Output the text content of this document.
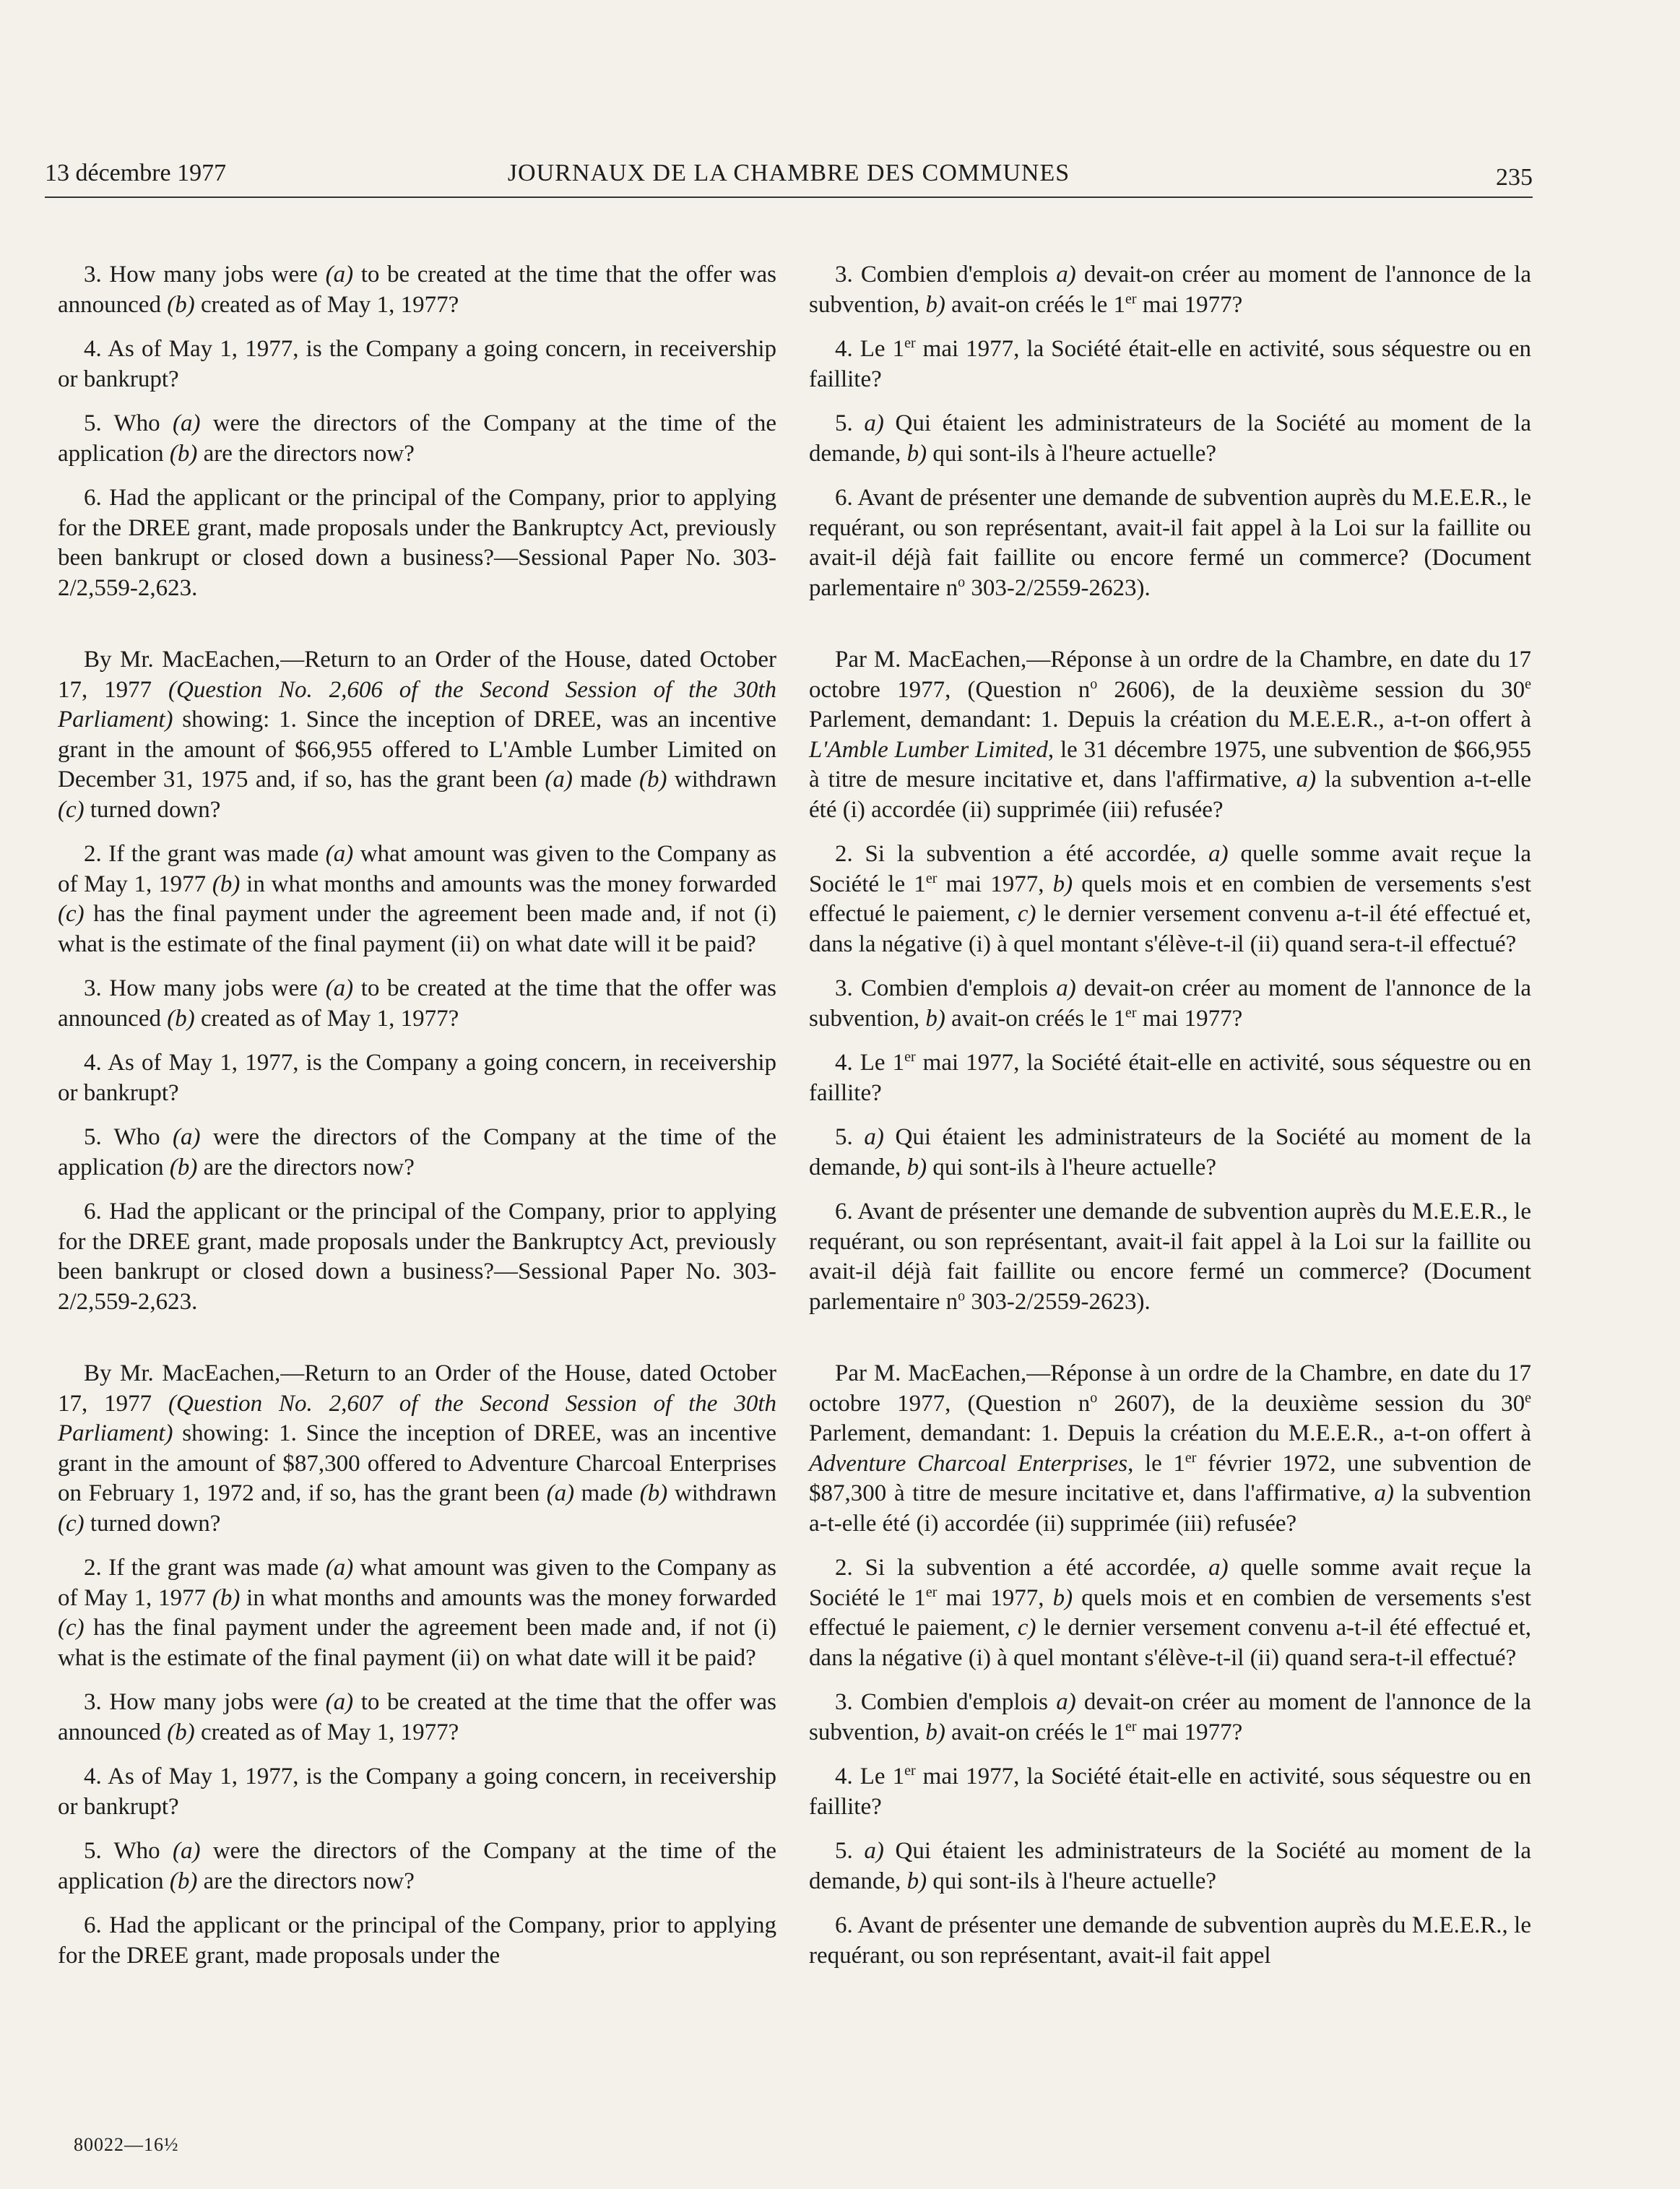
13 décembre 1977	JOURNAUX DE LA CHAMBRE DES COMMUNES	235

3. How many jobs were (a) to be created at the time that the offer was announced (b) created as of May 1, 1977?

4. As of May 1, 1977, is the Company a going concern, in receivership or bankrupt?

5. Who (a) were the directors of the Company at the time of the application (b) are the directors now?

6. Had the applicant or the principal of the Company, prior to applying for the DREE grant, made proposals under the Bankruptcy Act, previously been bankrupt or closed down a business?—Sessional Paper No. 303-2/2,559-2,623.

By Mr. MacEachen,—Return to an Order of the House, dated October 17, 1977 (Question No. 2,606 of the Second Session of the 30th Parliament) showing: 1. Since the inception of DREE, was an incentive grant in the amount of $66,955 offered to L'Amble Lumber Limited on December 31, 1975 and, if so, has the grant been (a) made (b) withdrawn (c) turned down?

2. If the grant was made (a) what amount was given to the Company as of May 1, 1977 (b) in what months and amounts was the money forwarded (c) has the final payment under the agreement been made and, if not (i) what is the estimate of the final payment (ii) on what date will it be paid?

3. How many jobs were (a) to be created at the time that the offer was announced (b) created as of May 1, 1977?

4. As of May 1, 1977, is the Company a going concern, in receivership or bankrupt?

5. Who (a) were the directors of the Company at the time of the application (b) are the directors now?

6. Had the applicant or the principal of the Company, prior to applying for the DREE grant, made proposals under the Bankruptcy Act, previously been bankrupt or closed down a business?—Sessional Paper No. 303-2/2,559-2,623.

By Mr. MacEachen,—Return to an Order of the House, dated October 17, 1977 (Question No. 2,607 of the Second Session of the 30th Parliament) showing: 1. Since the inception of DREE, was an incentive grant in the amount of $87,300 offered to Adventure Charcoal Enterprises on February 1, 1972 and, if so, has the grant been (a) made (b) withdrawn (c) turned down?

2. If the grant was made (a) what amount was given to the Company as of May 1, 1977 (b) in what months and amounts was the money forwarded (c) has the final payment under the agreement been made and, if not (i) what is the estimate of the final payment (ii) on what date will it be paid?

3. How many jobs were (a) to be created at the time that the offer was announced (b) created as of May 1, 1977?

4. As of May 1, 1977, is the Company a going concern, in receivership or bankrupt?

5. Who (a) were the directors of the Company at the time of the application (b) are the directors now?

6. Had the applicant or the principal of the Company, prior to applying for the DREE grant, made proposals under the

3. Combien d'emplois a) devait-on créer au moment de l'annonce de la subvention, b) avait-on créés le 1er mai 1977?

4. Le 1er mai 1977, la Société était-elle en activité, sous séquestre ou en faillite?

5. a) Qui étaient les administrateurs de la Société au moment de la demande, b) qui sont-ils à l'heure actuelle?

6. Avant de présenter une demande de subvention auprès du M.E.E.R., le requérant, ou son représentant, avait-il fait appel à la Loi sur la faillite ou avait-il déjà fait faillite ou encore fermé un commerce? (Document parlementaire $n^o$ 303-2/2559-2623).

Par M. MacEachen,—Réponse à un ordre de la Chambre, en date du 17 octobre 1977, (Question $n^o$ 2606), de la deuxième session du 30e Parlement, demandant: 1. Depuis la création du M.E.E.R., a-t-on offert à L'Amble Lumber Limited, le 31 décembre 1975, une subvention de $66,955 à titre de mesure incitative et, dans l'affirmative, a) la subvention a-t-elle été (i) accordée (ii) supprimée (iii) refusée?

2. Si la subvention a été accordée, a) quelle somme avait reçue la Société le 1er mai 1977, b) quels mois et en combien de versements s'est effectué le paiement, c) le dernier versement convenu a-t-il été effectué et, dans la négative (i) à quel montant s'élève-t-il (ii) quand sera-t-il effectué?

3. Combien d'emplois a) devait-on créer au moment de l'annonce de la subvention, b) avait-on créés le 1er mai 1977?

4. Le 1er mai 1977, la Société était-elle en activité, sous séquestre ou en faillite?

5. a) Qui étaient les administrateurs de la Société au moment de la demande, b) qui sont-ils à l'heure actuelle?

6. Avant de présenter une demande de subvention auprès du M.E.E.R., le requérant, ou son représentant, avait-il fait appel à la Loi sur la faillite ou avait-il déjà fait faillite ou encore fermé un commerce? (Document parlementaire $n^o$ 303-2/2559-2623).

Par M. MacEachen,—Réponse à un ordre de la Chambre, en date du 17 octobre 1977, (Question $n^o$ 2607), de la deuxième session du 30e Parlement, demandant: 1. Depuis la création du M.E.E.R., a-t-on offert à Adventure Charcoal Enterprises, le 1er février 1972, une subvention de $87,300 à titre de mesure incitative et, dans l'affirmative, a) la subvention a-t-elle été (i) accordée (ii) supprimée (iii) refusée?

2. Si la subvention a été accordée, a) quelle somme avait reçue la Société le 1er mai 1977, b) quels mois et en combien de versements s'est effectué le paiement, c) le dernier versement convenu a-t-il été effectué et, dans la négative (i) à quel montant s'élève-t-il (ii) quand sera-t-il effectué?

3. Combien d'emplois a) devait-on créer au moment de l'annonce de la subvention, b) avait-on créés le 1er mai 1977?

4. Le 1er mai 1977, la Société était-elle en activité, sous séquestre ou en faillite?

5. a) Qui étaient les administrateurs de la Société au moment de la demande, b) qui sont-ils à l'heure actuelle?

6. Avant de présenter une demande de subvention auprès du M.E.E.R., le requérant, ou son représentant, avait-il fait appel

80022—16½
